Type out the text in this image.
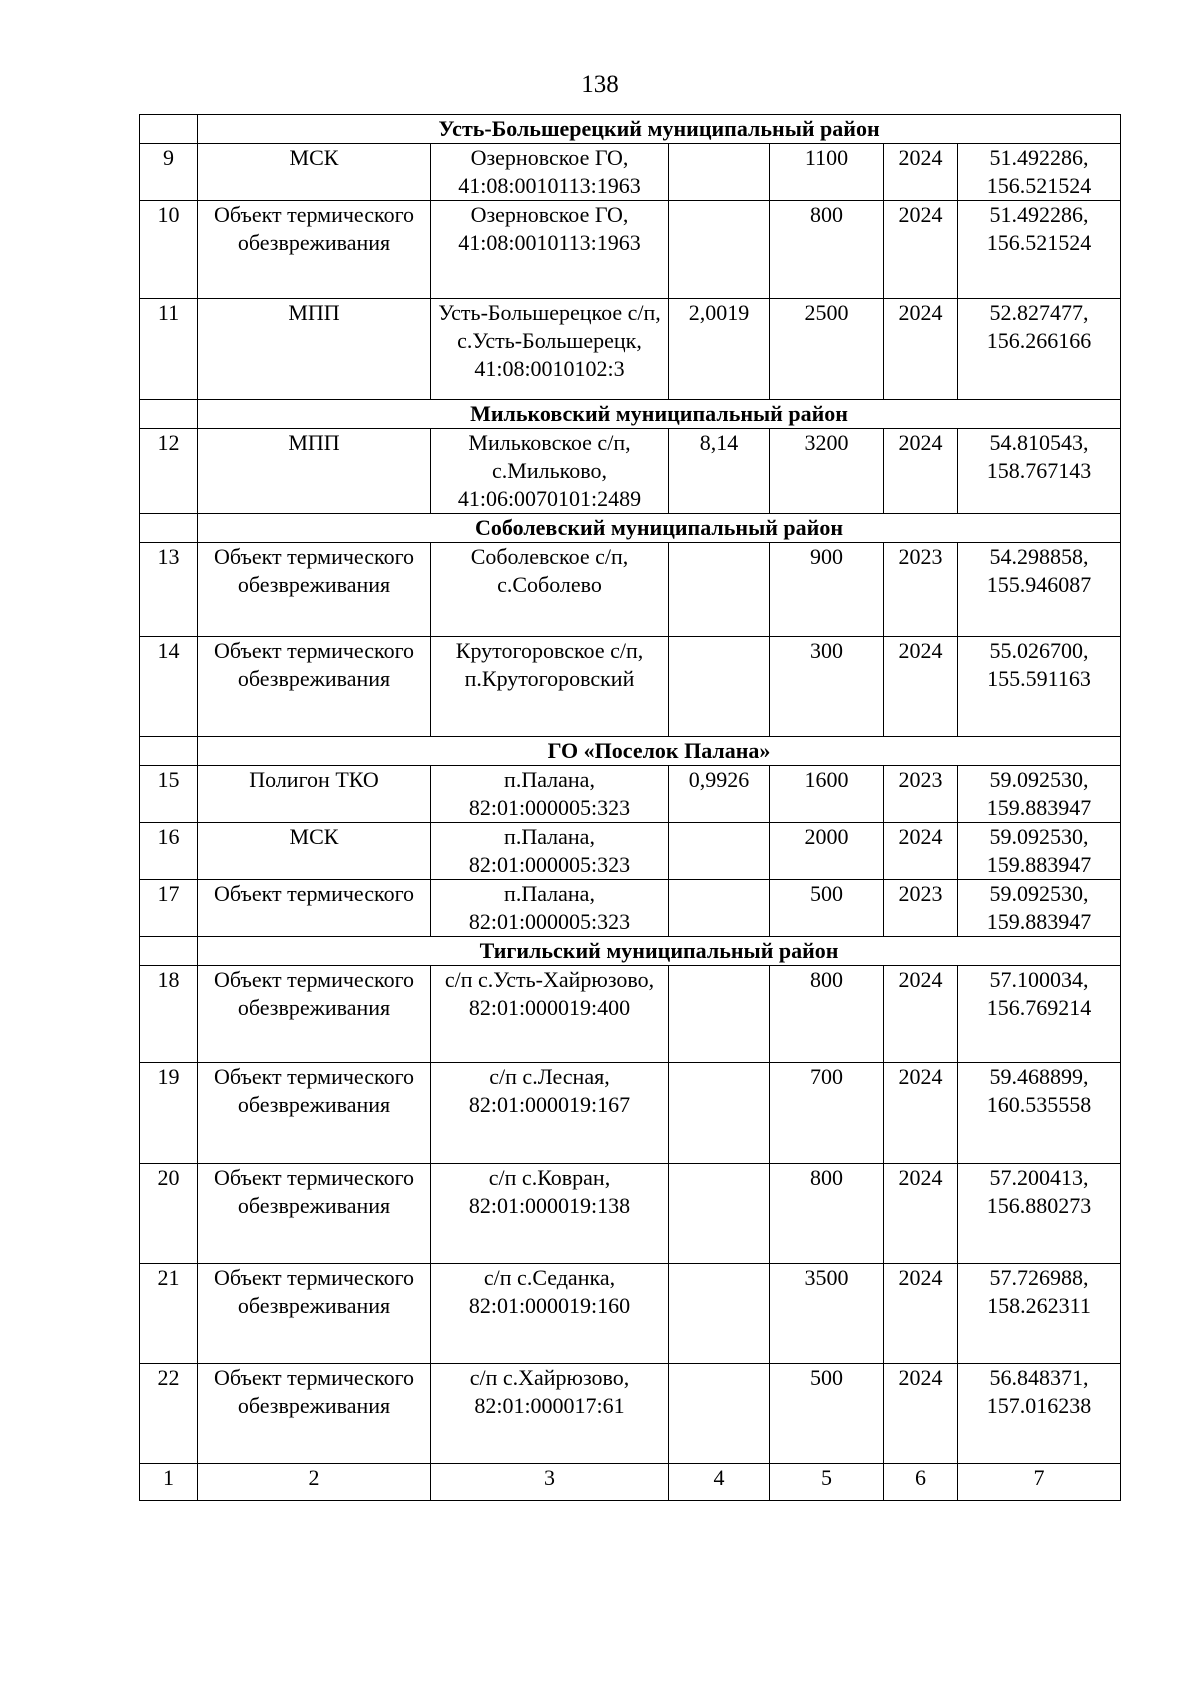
138
	Усть-Большерецкий муниципальный район					
9	МСК	Озерновское ГО, 41:08:0010113:1963		1100	2024	51.492286, 156.521524
10	Объект термического обезвреживания	Озерновское ГО, 41:08:0010113:1963		800	2024	51.492286, 156.521524
11	МПП	Усть-Большерецкое с/п, с.Усть-Большерецк, 41:08:0010102:3	2,0019	2500	2024	52.827477, 156.266166
	Мильковский муниципальный район					
12	МПП	Мильковское с/п, с.Мильково, 41:06:0070101:2489	8,14	3200	2024	54.810543, 158.767143
	Соболевский муниципальный район					
13	Объект термического обезвреживания	Соболевское с/п, с.Соболево		900	2023	54.298858, 155.946087
14	Объект термического обезвреживания	Крутогоровское с/п, п.Крутогоровский		300	2024	55.026700, 155.591163
	ГО «Поселок Палана»					
15	Полигон ТКО	п.Палана, 82:01:000005:323	0,9926	1600	2023	59.092530, 159.883947
16	МСК	п.Палана, 82:01:000005:323		2000	2024	59.092530, 159.883947
17	Объект термического	п.Палана, 82:01:000005:323		500	2023	59.092530, 159.883947
	Тигильский муниципальный район					
18	Объект термического обезвреживания	с/п с.Усть-Хайрюзово, 82:01:000019:400		800	2024	57.100034, 156.769214
19	Объект термического обезвреживания	с/п с.Лесная, 82:01:000019:167		700	2024	59.468899, 160.535558
20	Объект термического обезвреживания	с/п с.Ковран, 82:01:000019:138		800	2024	57.200413, 156.880273
21	Объект термического обезвреживания	с/п с.Седанка, 82:01:000019:160		3500	2024	57.726988, 158.262311
22	Объект термического обезвреживания	с/п с.Хайрюзово, 82:01:000017:61		500	2024	56.848371, 157.016238
1	2	3	4	5	6	7
